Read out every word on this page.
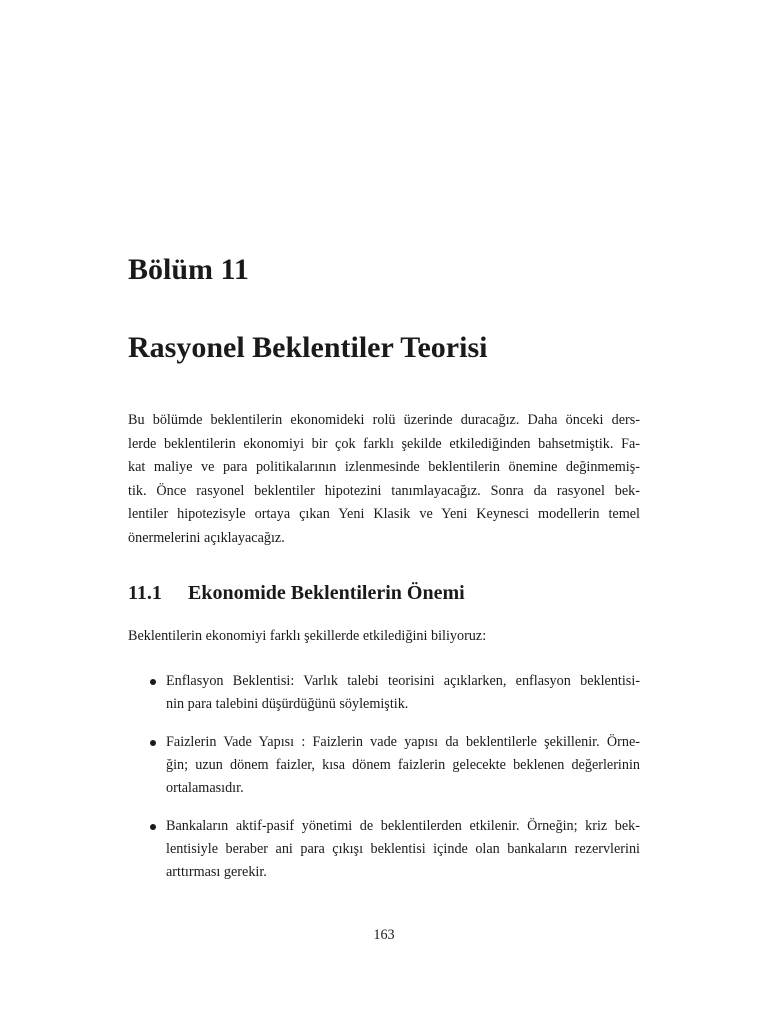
Bölüm 11
Rasyonel Beklentiler Teorisi

Bu bölümde beklentilerin ekonomideki rolü üzerinde duracağız. Daha önceki ders-
lerde beklentilerin ekonomiyi bir çok farklı şekilde etkilediğinden bahsetmiştik. Fa-
kat maliye ve para politikalarının izlenmesinde beklentilerin önemine değinmemiş-
tik. Önce rasyonel beklentiler hipotezini tanımlayacağız. Sonra da rasyonel bek-
lentiler hipotezisyle ortaya çıkan Yeni Klasik ve Yeni Keynesci modellerin temel
önermelerini açıklayacağız.

11.1 Ekonomide Beklentilerin Önemi

Beklentilerin ekonomiyi farklı şekillerde etkilediğini biliyoruz:

Enflasyon Beklentisi: Varlık talebi teorisini açıklarken, enflasyon beklentisi-
nin para talebini düşürdüğünü söylemiştik.
Faizlerin Vade Yapısı : Faizlerin vade yapısı da beklentilerle şekillenir. Örne-
ğin; uzun dönem faizler, kısa dönem faizlerin gelecekte beklenen değerlerinin
ortalamasıdır.
Bankaların aktif-pasif yönetimi de beklentilerden etkilenir. Örneğin; kriz bek-
lentisiyle beraber ani para çıkışı beklentisi içinde olan bankaların rezervlerini
arttırması gerekir.

163
